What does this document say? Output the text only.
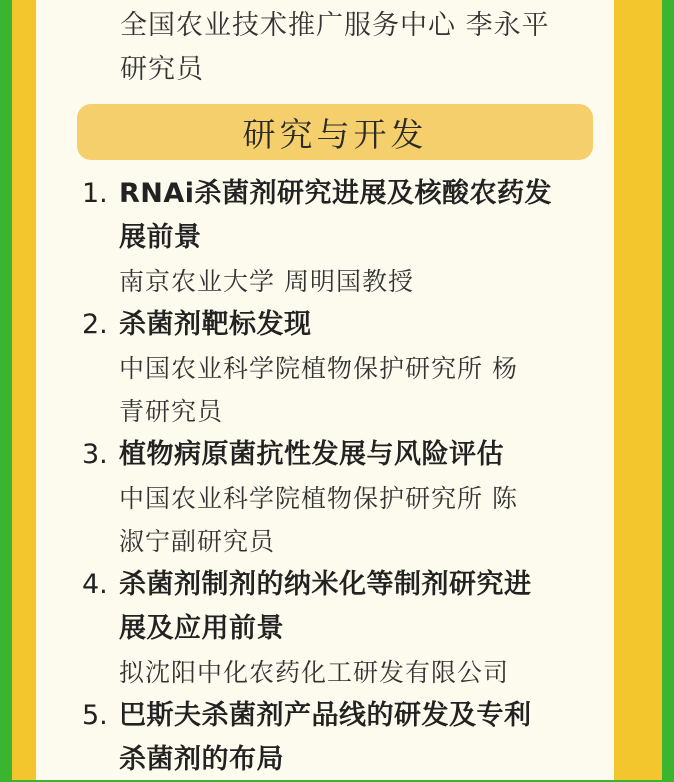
全国农业技术推广服务中心 李永平
研究员
研究与开发
1. RNAi杀菌剂研究进展及核酸农药发
展前景
南京农业大学 周明国教授
2. 杀菌剂靶标发现
中国农业科学院植物保护研究所 杨
青研究员
3. 植物病原菌抗性发展与风险评估
中国农业科学院植物保护研究所 陈
淑宁副研究员
4. 杀菌剂制剂的纳米化等制剂研究进
展及应用前景
拟沈阳中化农药化工研发有限公司
5. 巴斯夫杀菌剂产品线的研发及专利
杀菌剂的布局
